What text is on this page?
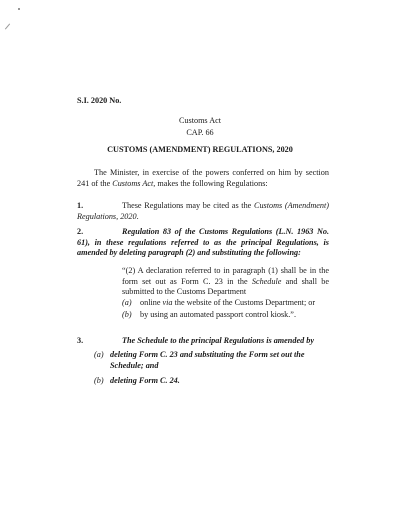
S.I. 2020 No.
Customs Act
CAP. 66
CUSTOMS (AMENDMENT) REGULATIONS, 2020
The Minister, in exercise of the powers conferred on him by section 241 of the Customs Act, makes the following Regulations:
1.	These Regulations may be cited as the Customs (Amendment) Regulations, 2020.
2.	Regulation 83 of the Customs Regulations (L.N. 1963 No. 61), in these regulations referred to as the principal Regulations, is amended by deleting paragraph (2) and substituting the following:
“(2) A declaration referred to in paragraph (1) shall be in the form set out as Form C. 23 in the Schedule and shall be submitted to the Customs Department
(a) online via the website of the Customs Department; or
(b) by using an automated passport control kiosk.”.
3.	The Schedule to the principal Regulations is amended by
(a) deleting Form C. 23 and substituting the Form set out the Schedule; and
(b) deleting Form C. 24.
